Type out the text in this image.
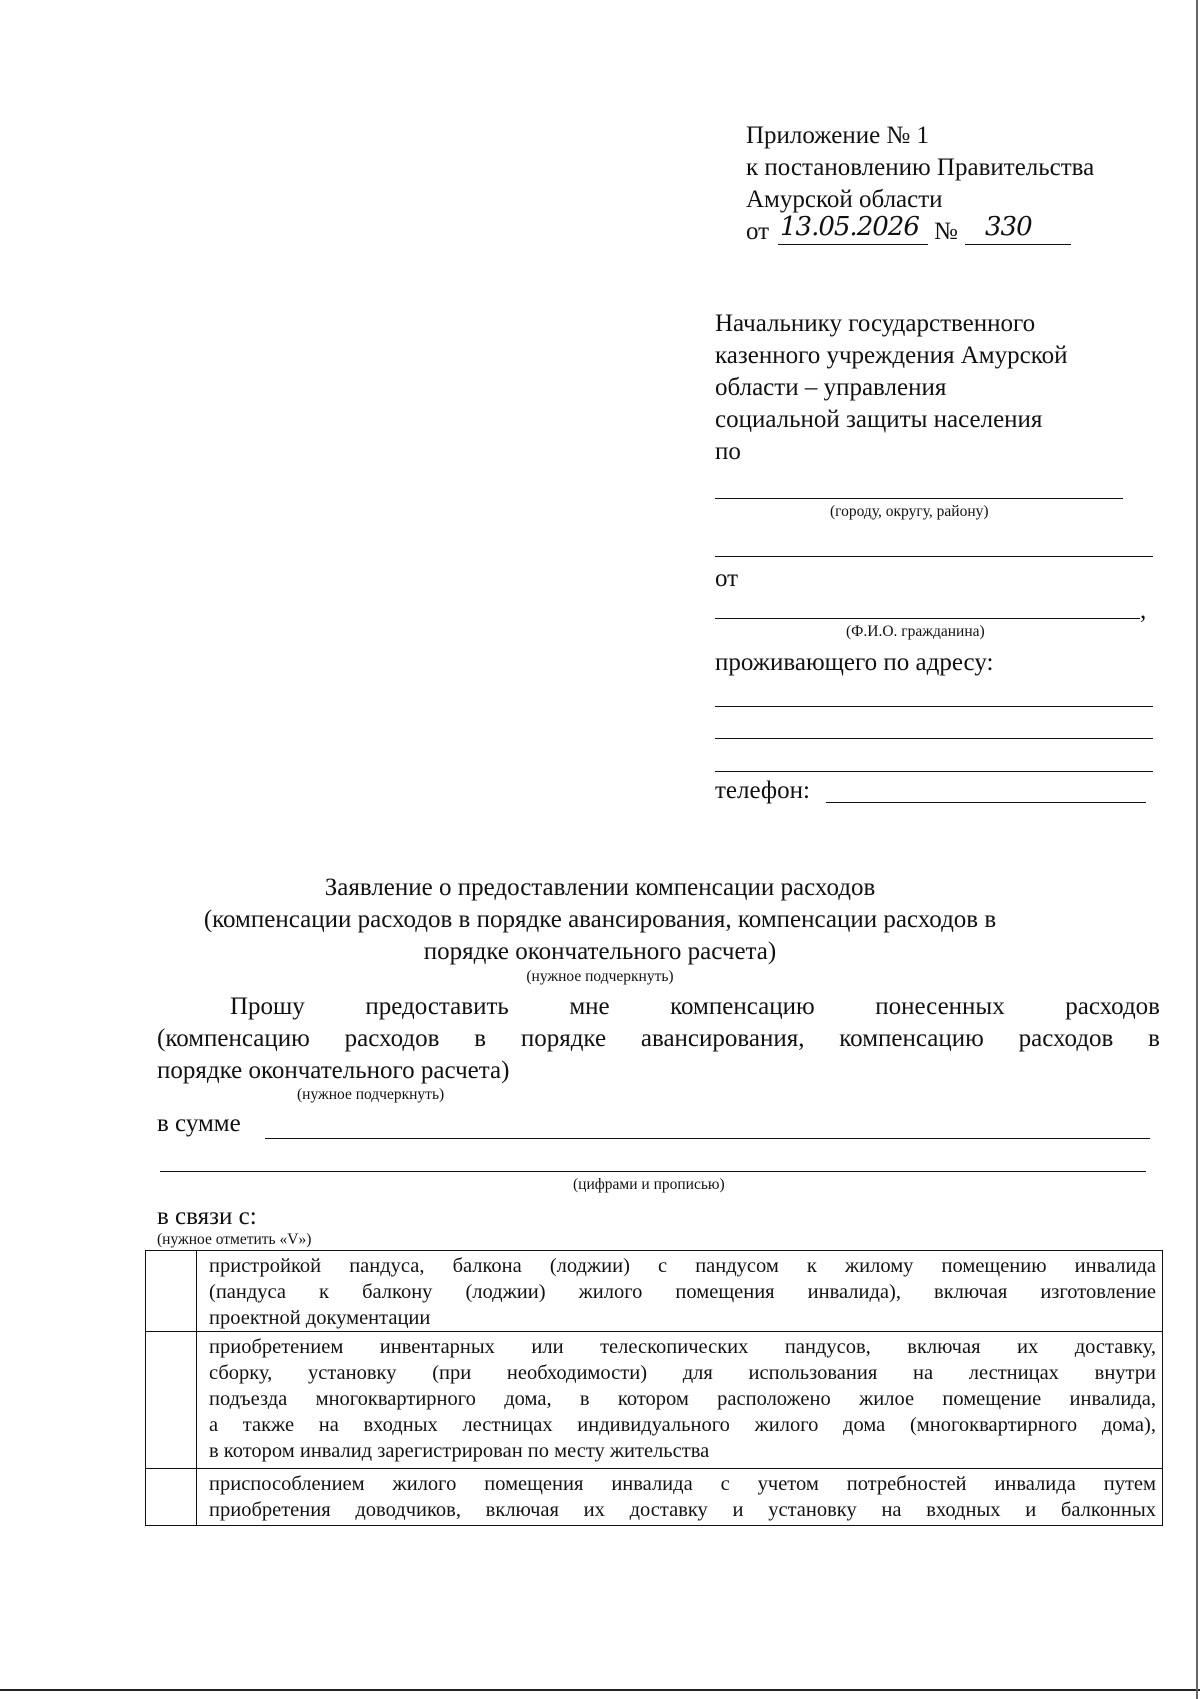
Приложение № 1
к постановлению Правительства
Амурской области
от 13.05.2026 № 330
Начальнику государственного
казенного учреждения Амурской
области – управления
социальной защиты населения
по
(городу, округу, району)
от
,
(Ф.И.О. гражданина)
проживающего по адресу:
телефон:
Заявление о предоставлении компенсации расходов
(компенсации расходов в порядке авансирования, компенсации расходов в
порядке окончательного расчета)
(нужное подчеркнуть)
Прошу предоставить мне компенсацию понесенных расходов
(компенсацию расходов в порядке авансирования, компенсацию расходов в
порядке окончательного расчета)
(нужное подчеркнуть)
в сумме
(цифрами и прописью)
в связи с:
(нужное отметить «V»)

	пристройкой пандуса, балкона (лоджии) с пандусом к жилому помещению инвалида
(пандуса к балкону (лоджии) жилого помещения инвалида), включая изготовление
проектной документации

	приобретением инвентарных или телескопических пандусов, включая их доставку,
сборку, установку (при необходимости) для использования на лестницах внутри
подъезда многоквартирного дома, в котором расположено жилое помещение инвалида,
а также на входных лестницах индивидуального жилого дома (многоквартирного дома),
в котором инвалид зарегистрирован по месту жительства

	приспособлением жилого помещения инвалида с учетом потребностей инвалида путем
приобретения доводчиков, включая их доставку и установку на входных и балконных
